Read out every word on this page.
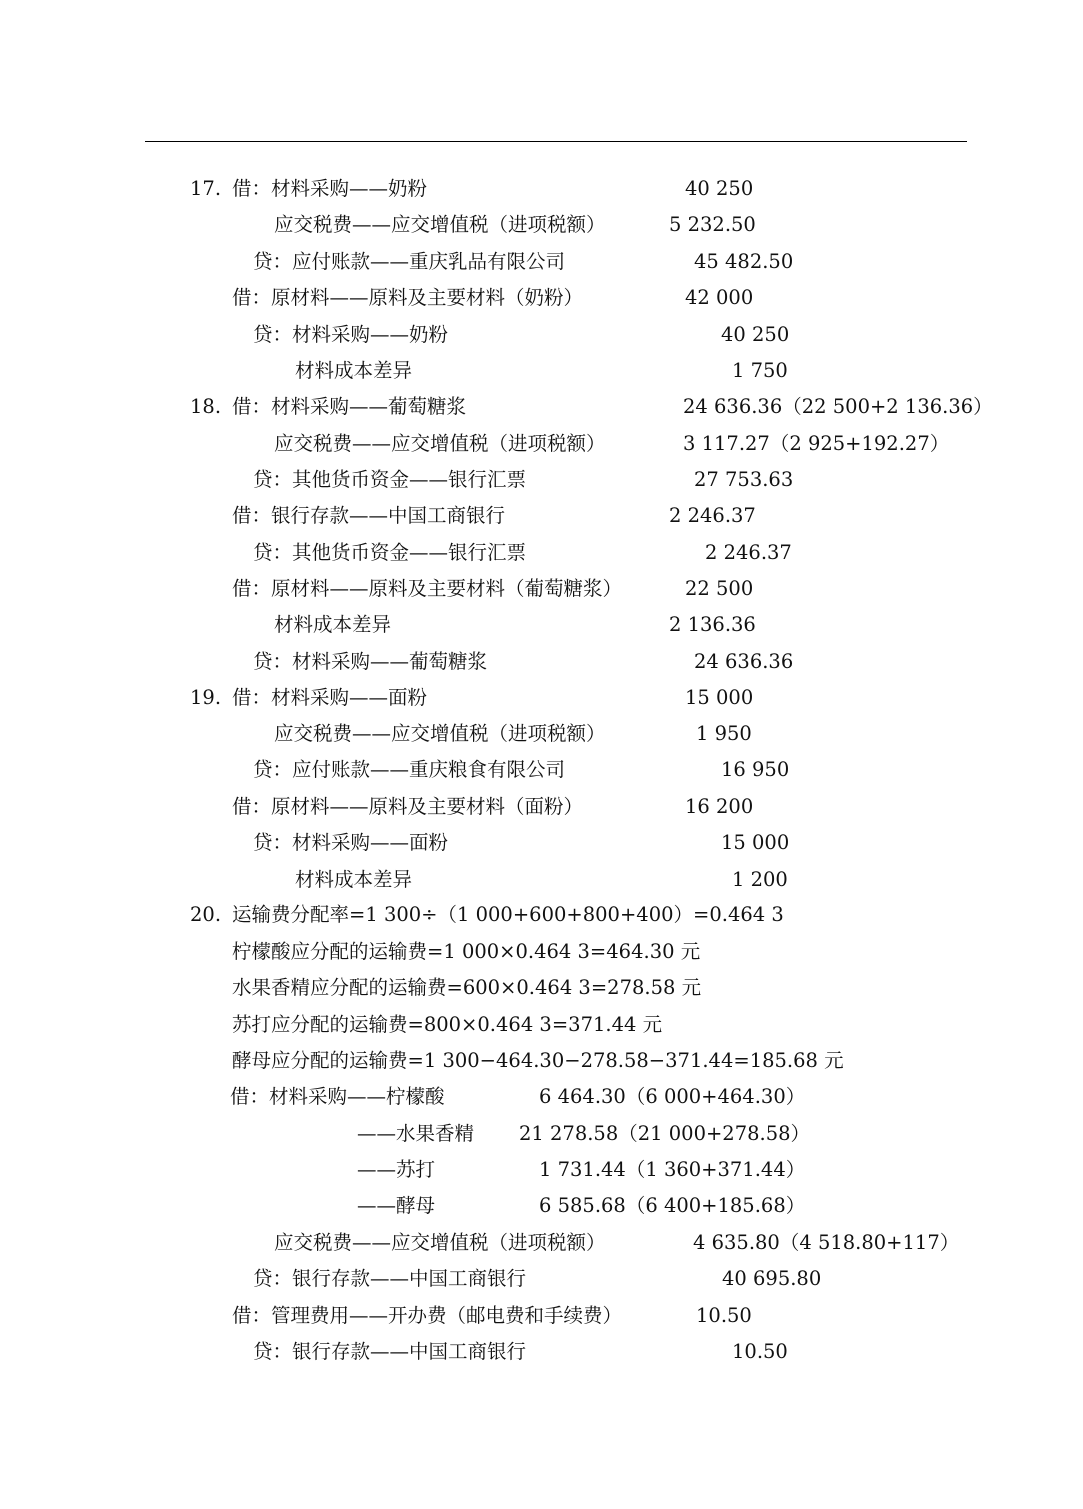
17. 借：材料采购——奶粉	40 250
应交税费——应交增值税（进项税额）	5 232.50
贷：应付账款——重庆乳品有限公司	45 482.50
借：原材料——原料及主要材料（奶粉）	42 000
贷：材料采购——奶粉	40 250
材料成本差异	1 750
18. 借：材料采购——葡萄糖浆	24 636.36（22 500+2 136.36）
应交税费——应交增值税（进项税额）	3 117.27（2 925+192.27）
贷：其他货币资金——银行汇票	27 753.63
借：银行存款——中国工商银行	2 246.37
贷：其他货币资金——银行汇票	2 246.37
借：原材料——原料及主要材料（葡萄糖浆）	22 500
材料成本差异	2 136.36
贷：材料采购——葡萄糖浆	24 636.36
19. 借：材料采购——面粉	15 000
应交税费——应交增值税（进项税额）	1 950
贷：应付账款——重庆粮食有限公司	16 950
借：原材料——原料及主要材料（面粉）	16 200
贷：材料采购——面粉	15 000
材料成本差异	1 200
20. 运输费分配率=1 300÷（1 000+600+800+400）=0.464 3
柠檬酸应分配的运输费=1 000×0.464 3=464.30 元
水果香精应分配的运输费=600×0.464 3=278.58 元
苏打应分配的运输费=800×0.464 3=371.44 元
酵母应分配的运输费=1 300−464.30−278.58−371.44=185.68 元
借：材料采购——柠檬酸	6 464.30（6 000+464.30）
——水果香精 21 278.58（21 000+278.58）
——苏打	1 731.44（1 360+371.44）
——酵母	6 585.68（6 400+185.68）
应交税费——应交增值税（进项税额）	4 635.80（4 518.80+117）
贷：银行存款——中国工商银行	40 695.80
借：管理费用——开办费（邮电费和手续费）	10.50
贷：银行存款——中国工商银行	10.50
